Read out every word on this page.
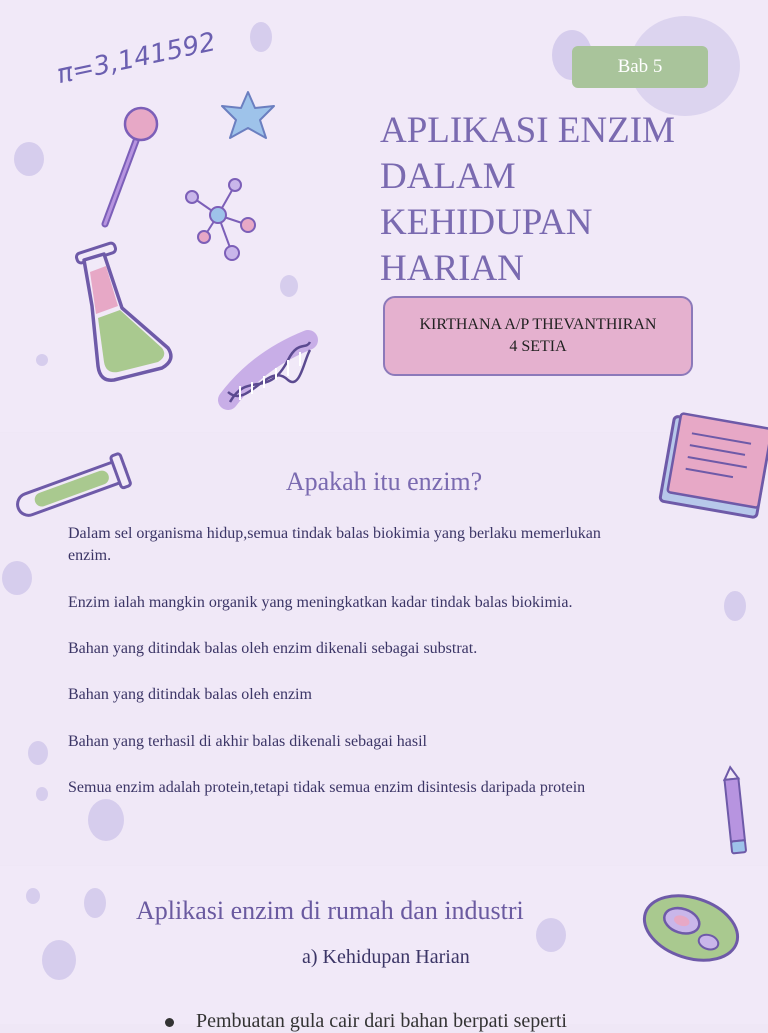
π=3,141592	Bab 5
APLIKASI ENZIM
DALAM
KEHIDUPAN
HARIAN
KIRTHANA A/P THEVANTHIRAN
4 SETIA
Apakah itu enzim?

Dalam sel organisma hidup,semua tindak balas biokimia yang berlaku memerlukan enzim.

Enzim ialah mangkin organik yang meningkatkan kadar tindak balas biokimia.

Bahan yang ditindak balas oleh enzim dikenali sebagai substrat.

Bahan yang ditindak balas oleh enzim

Bahan yang terhasil di akhir balas dikenali sebagai hasil

Semua enzim adalah protein,tetapi tidak semua enzim disintesis daripada protein

Aplikasi enzim di rumah dan industri
a) Kehidupan Harian
Pembuatan gula cair dari bahan berpati seperti
